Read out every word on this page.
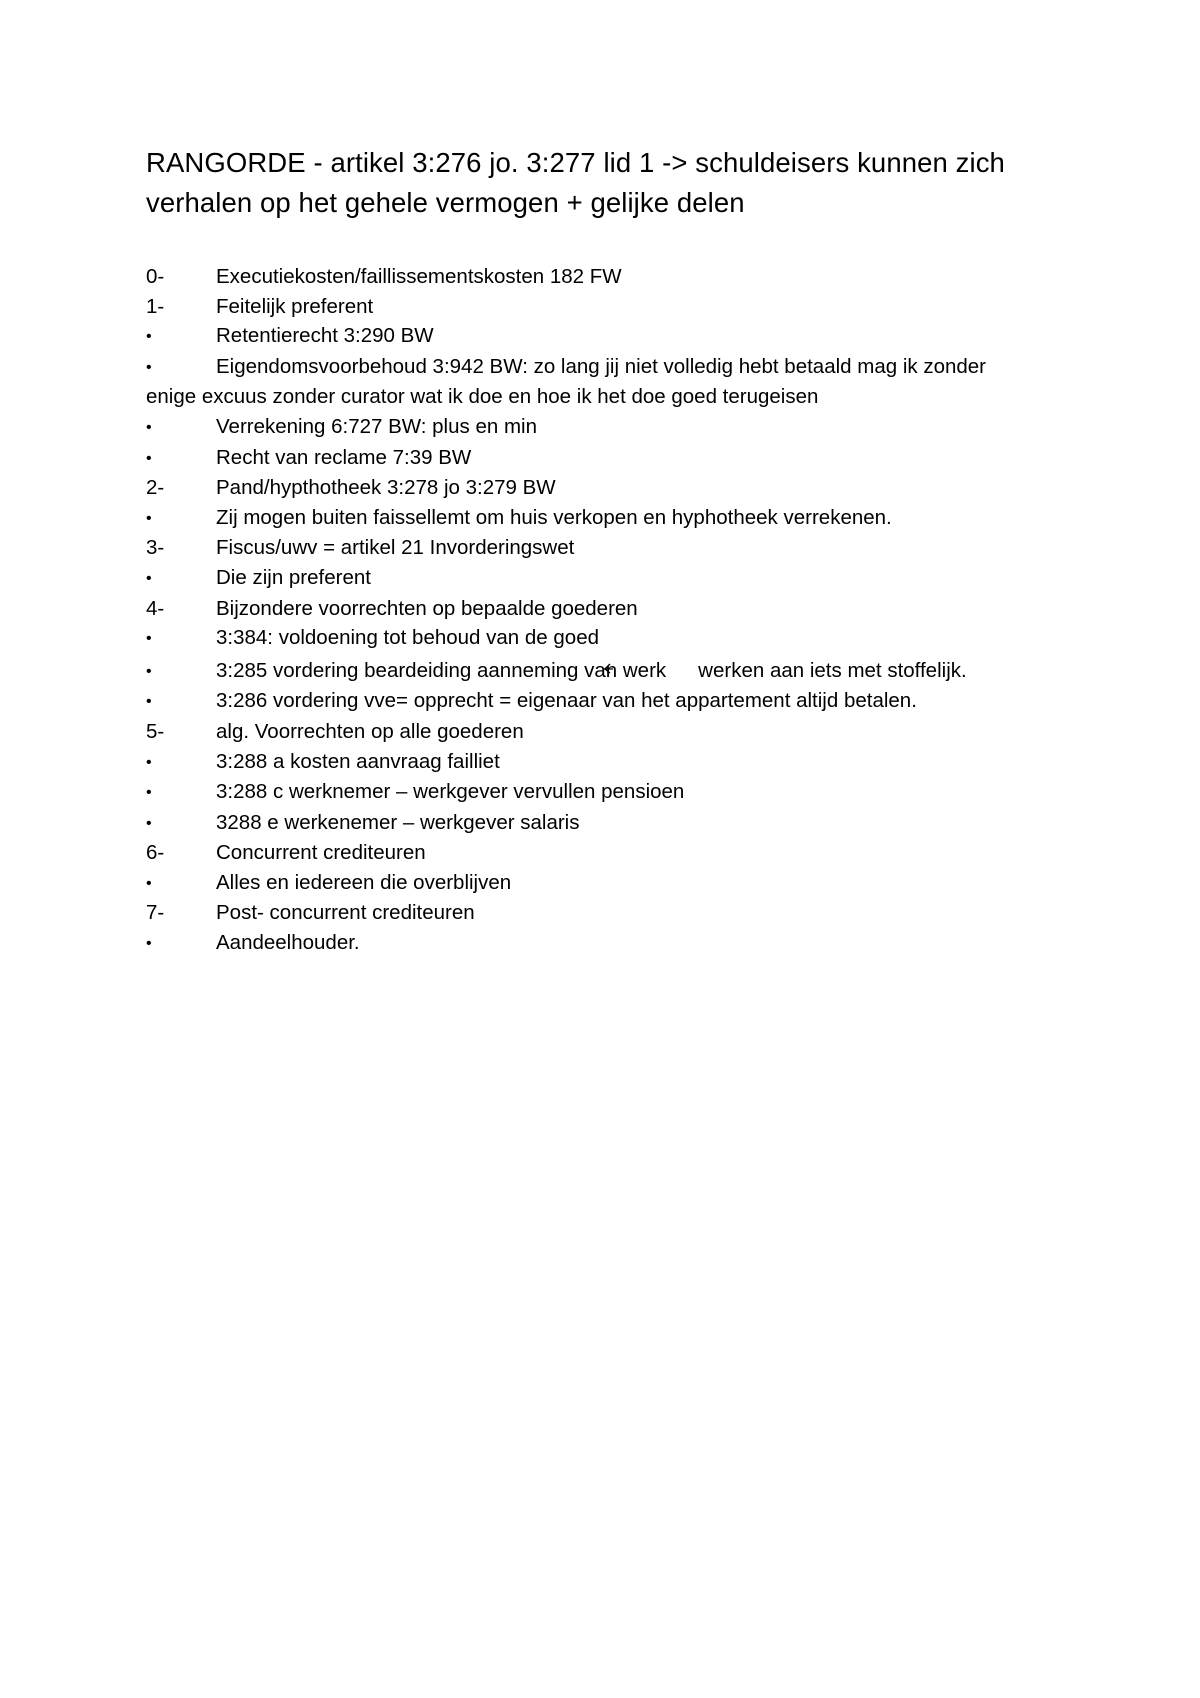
RANGORDE - artikel 3:276 jo. 3:277 lid 1 -> schuldeisers kunnen zich verhalen op het gehele vermogen + gelijke delen
0-	Executiekosten/faillissementskosten 182 FW
1-	Feitelijk preferent
•	Retentierecht 3:290 BW
•	Eigendomsvoorbehoud 3:942 BW: zo lang jij niet volledig hebt betaald mag ik zonder
enige excuus zonder curator wat ik doe en hoe ik het doe goed terugeisen
•	Verrekening 6:727 BW: plus en min
•	Recht van reclame 7:39 BW
2-	Pand/hypthotheek 3:278 jo 3:279 BW
•	Zij mogen buiten faissellemt om huis verkopen en hyphotheek verrekenen.
3-	Fiscus/uwv = artikel 21 Invorderingswet
•	Die zijn preferent
4-	Bijzondere voorrechten op bepaalde goederen
•	3:384: voldoening tot behoud van de goed
•	3:285 vordering beardeiding aanneming van werk werken aan iets met stoffelijk.
•	3:286 vordering vve= opprecht = eigenaar van het appartement altijd betalen.
5-	alg. Voorrechten op alle goederen
•	3:288 a kosten aanvraag failliet
•	3:288 c werknemer – werkgever vervullen pensioen
•	3288 e werkenemer – werkgever salaris
6-	Concurrent crediteuren
•	Alles en iedereen die overblijven
7-	Post- concurrent crediteuren
•	Aandeelhouder.
